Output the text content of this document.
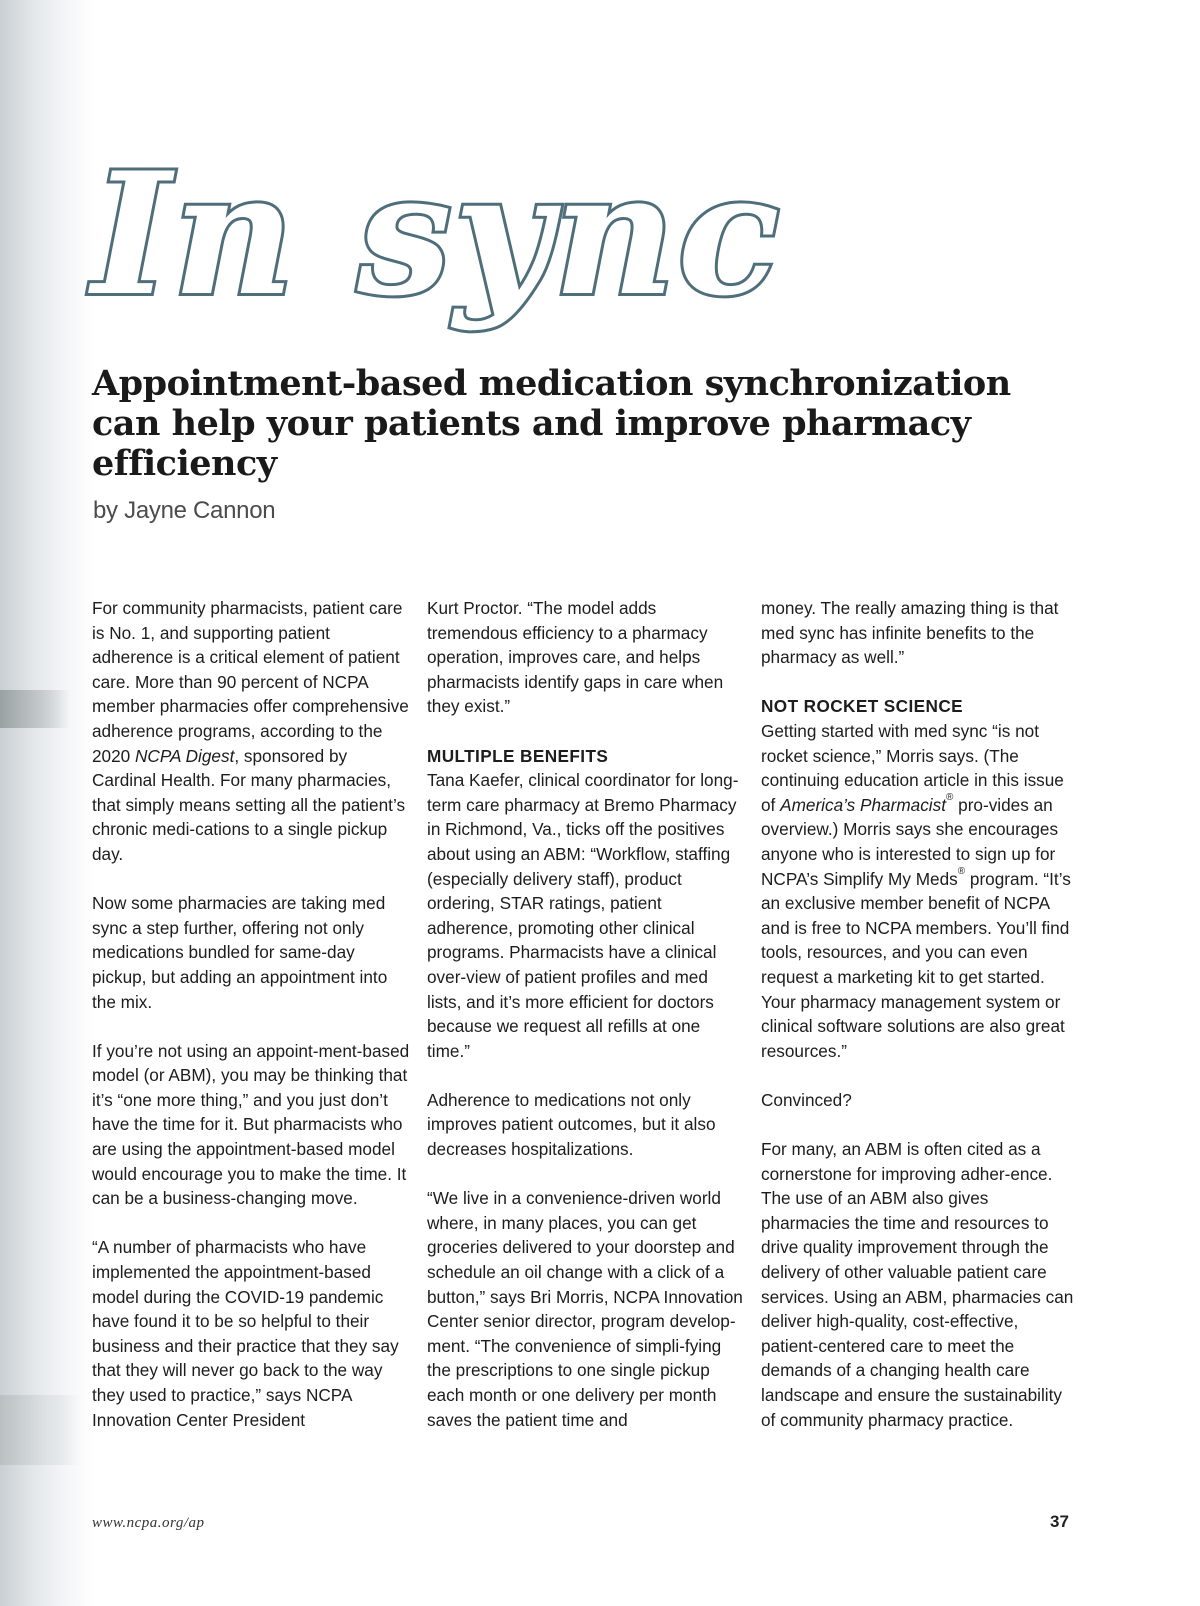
In sync
Appointment-based medication synchronization can help your patients and improve pharmacy efficiency

by Jayne Cannon

For community pharmacists, patient care is No. 1, and supporting patient adherence is a critical element of patient care. More than 90 percent of NCPA member pharmacies offer comprehensive adherence programs, according to the 2020 NCPA Digest, sponsored by Cardinal Health. For many pharmacies, that simply means setting all the patient’s chronic medi-cations to a single pickup day.

Now some pharmacies are taking med sync a step further, offering not only medications bundled for same-day pickup, but adding an appointment into the mix.

If you’re not using an appoint-ment-based model (or ABM), you may be thinking that it’s “one more thing,” and you just don’t have the time for it. But pharmacists who are using the appointment-based model would encourage you to make the time. It can be a business-changing move.

“A number of pharmacists who have implemented the appointment-based model during the COVID-19 pandemic have found it to be so helpful to their business and their practice that they say that they will never go back to the way they used to practice,” says NCPA Innovation Center President

Kurt Proctor. “The model adds tremendous efficiency to a pharmacy operation, improves care, and helps pharmacists identify gaps in care when they exist.”

MULTIPLE BENEFITS
Tana Kaefer, clinical coordinator for long-term care pharmacy at Bremo Pharmacy in Richmond, Va., ticks off the positives about using an ABM: “Workflow, staffing (especially delivery staff), product ordering, STAR ratings, patient adherence, promoting other clinical programs. Pharmacists have a clinical over-view of patient profiles and med lists, and it’s more efficient for doctors because we request all refills at one time.”

Adherence to medications not only improves patient outcomes, but it also decreases hospitalizations.

“We live in a convenience-driven world where, in many places, you can get groceries delivered to your doorstep and schedule an oil change with a click of a button,” says Bri Morris, NCPA Innovation Center senior director, program develop-ment. “The convenience of simpli-fying the prescriptions to one single pickup each month or one delivery per month saves the patient time and

money. The really amazing thing is that med sync has infinite benefits to the pharmacy as well.”

NOT ROCKET SCIENCE
Getting started with med sync “is not rocket science,” Morris says. (The continuing education article in this issue of America’s Pharmacist® pro-vides an overview.) Morris says she encourages anyone who is interested to sign up for NCPA’s Simplify My Meds® program. “It’s an exclusive member benefit of NCPA and is free to NCPA members. You’ll find tools, resources, and you can even request a marketing kit to get started. Your pharmacy management system or clinical software solutions are also great resources.”

Convinced?

For many, an ABM is often cited as a cornerstone for improving adher-ence. The use of an ABM also gives pharmacies the time and resources to drive quality improvement through the delivery of other valuable patient care services. Using an ABM, pharmacies can deliver high-quality, cost-effective, patient-centered care to meet the demands of a changing health care landscape and ensure the sustainability of community pharmacy practice.

www.ncpa.org/ap	37
